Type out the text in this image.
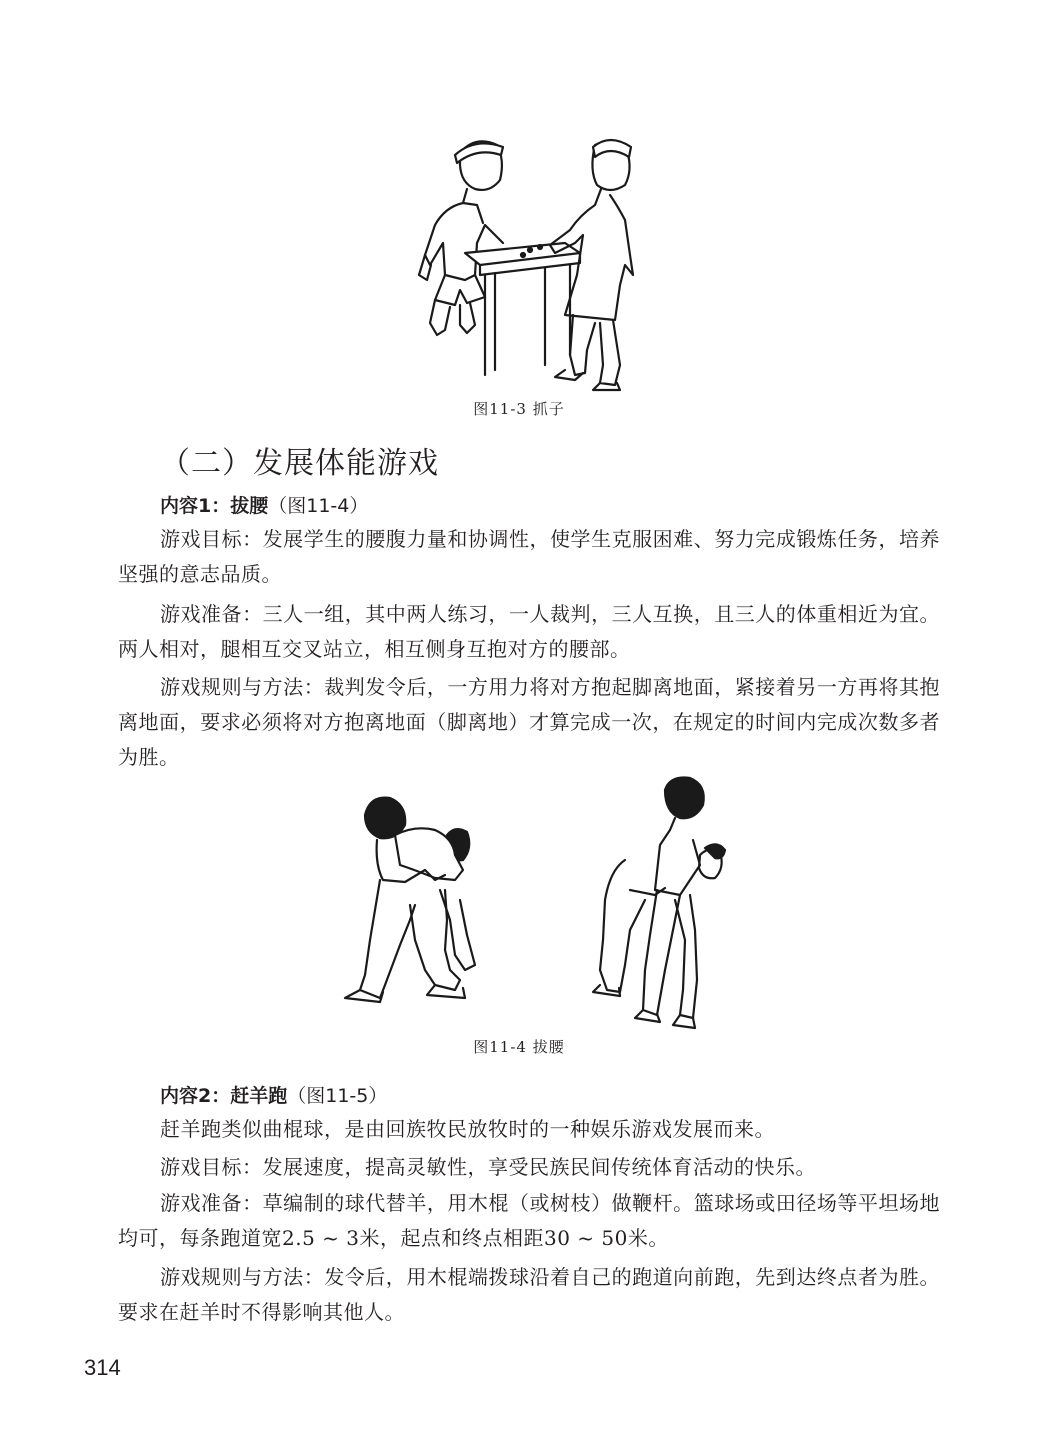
图11-3 抓子
（二）发展体能游戏
内容1：拔腰（图11-4）
游戏目标：发展学生的腰腹力量和协调性，使学生克服困难、努力完成锻炼任务，培养坚强的意志品质。
游戏准备：三人一组，其中两人练习，一人裁判，三人互换，且三人的体重相近为宜。两人相对，腿相互交叉站立，相互侧身互抱对方的腰部。
游戏规则与方法：裁判发令后，一方用力将对方抱起脚离地面，紧接着另一方再将其抱离地面，要求必须将对方抱离地面（脚离地）才算完成一次，在规定的时间内完成次数多者为胜。
图11-4 拔腰
内容2：赶羊跑（图11-5）
赶羊跑类似曲棍球，是由回族牧民放牧时的一种娱乐游戏发展而来。
游戏目标：发展速度，提高灵敏性，享受民族民间传统体育活动的快乐。
游戏准备：草编制的球代替羊，用木棍（或树枝）做鞭杆。篮球场或田径场等平坦场地均可，每条跑道宽2.5 ~ 3米，起点和终点相距30 ~ 50米。
游戏规则与方法：发令后，用木棍端拨球沿着自己的跑道向前跑，先到达终点者为胜。要求在赶羊时不得影响其他人。
314
